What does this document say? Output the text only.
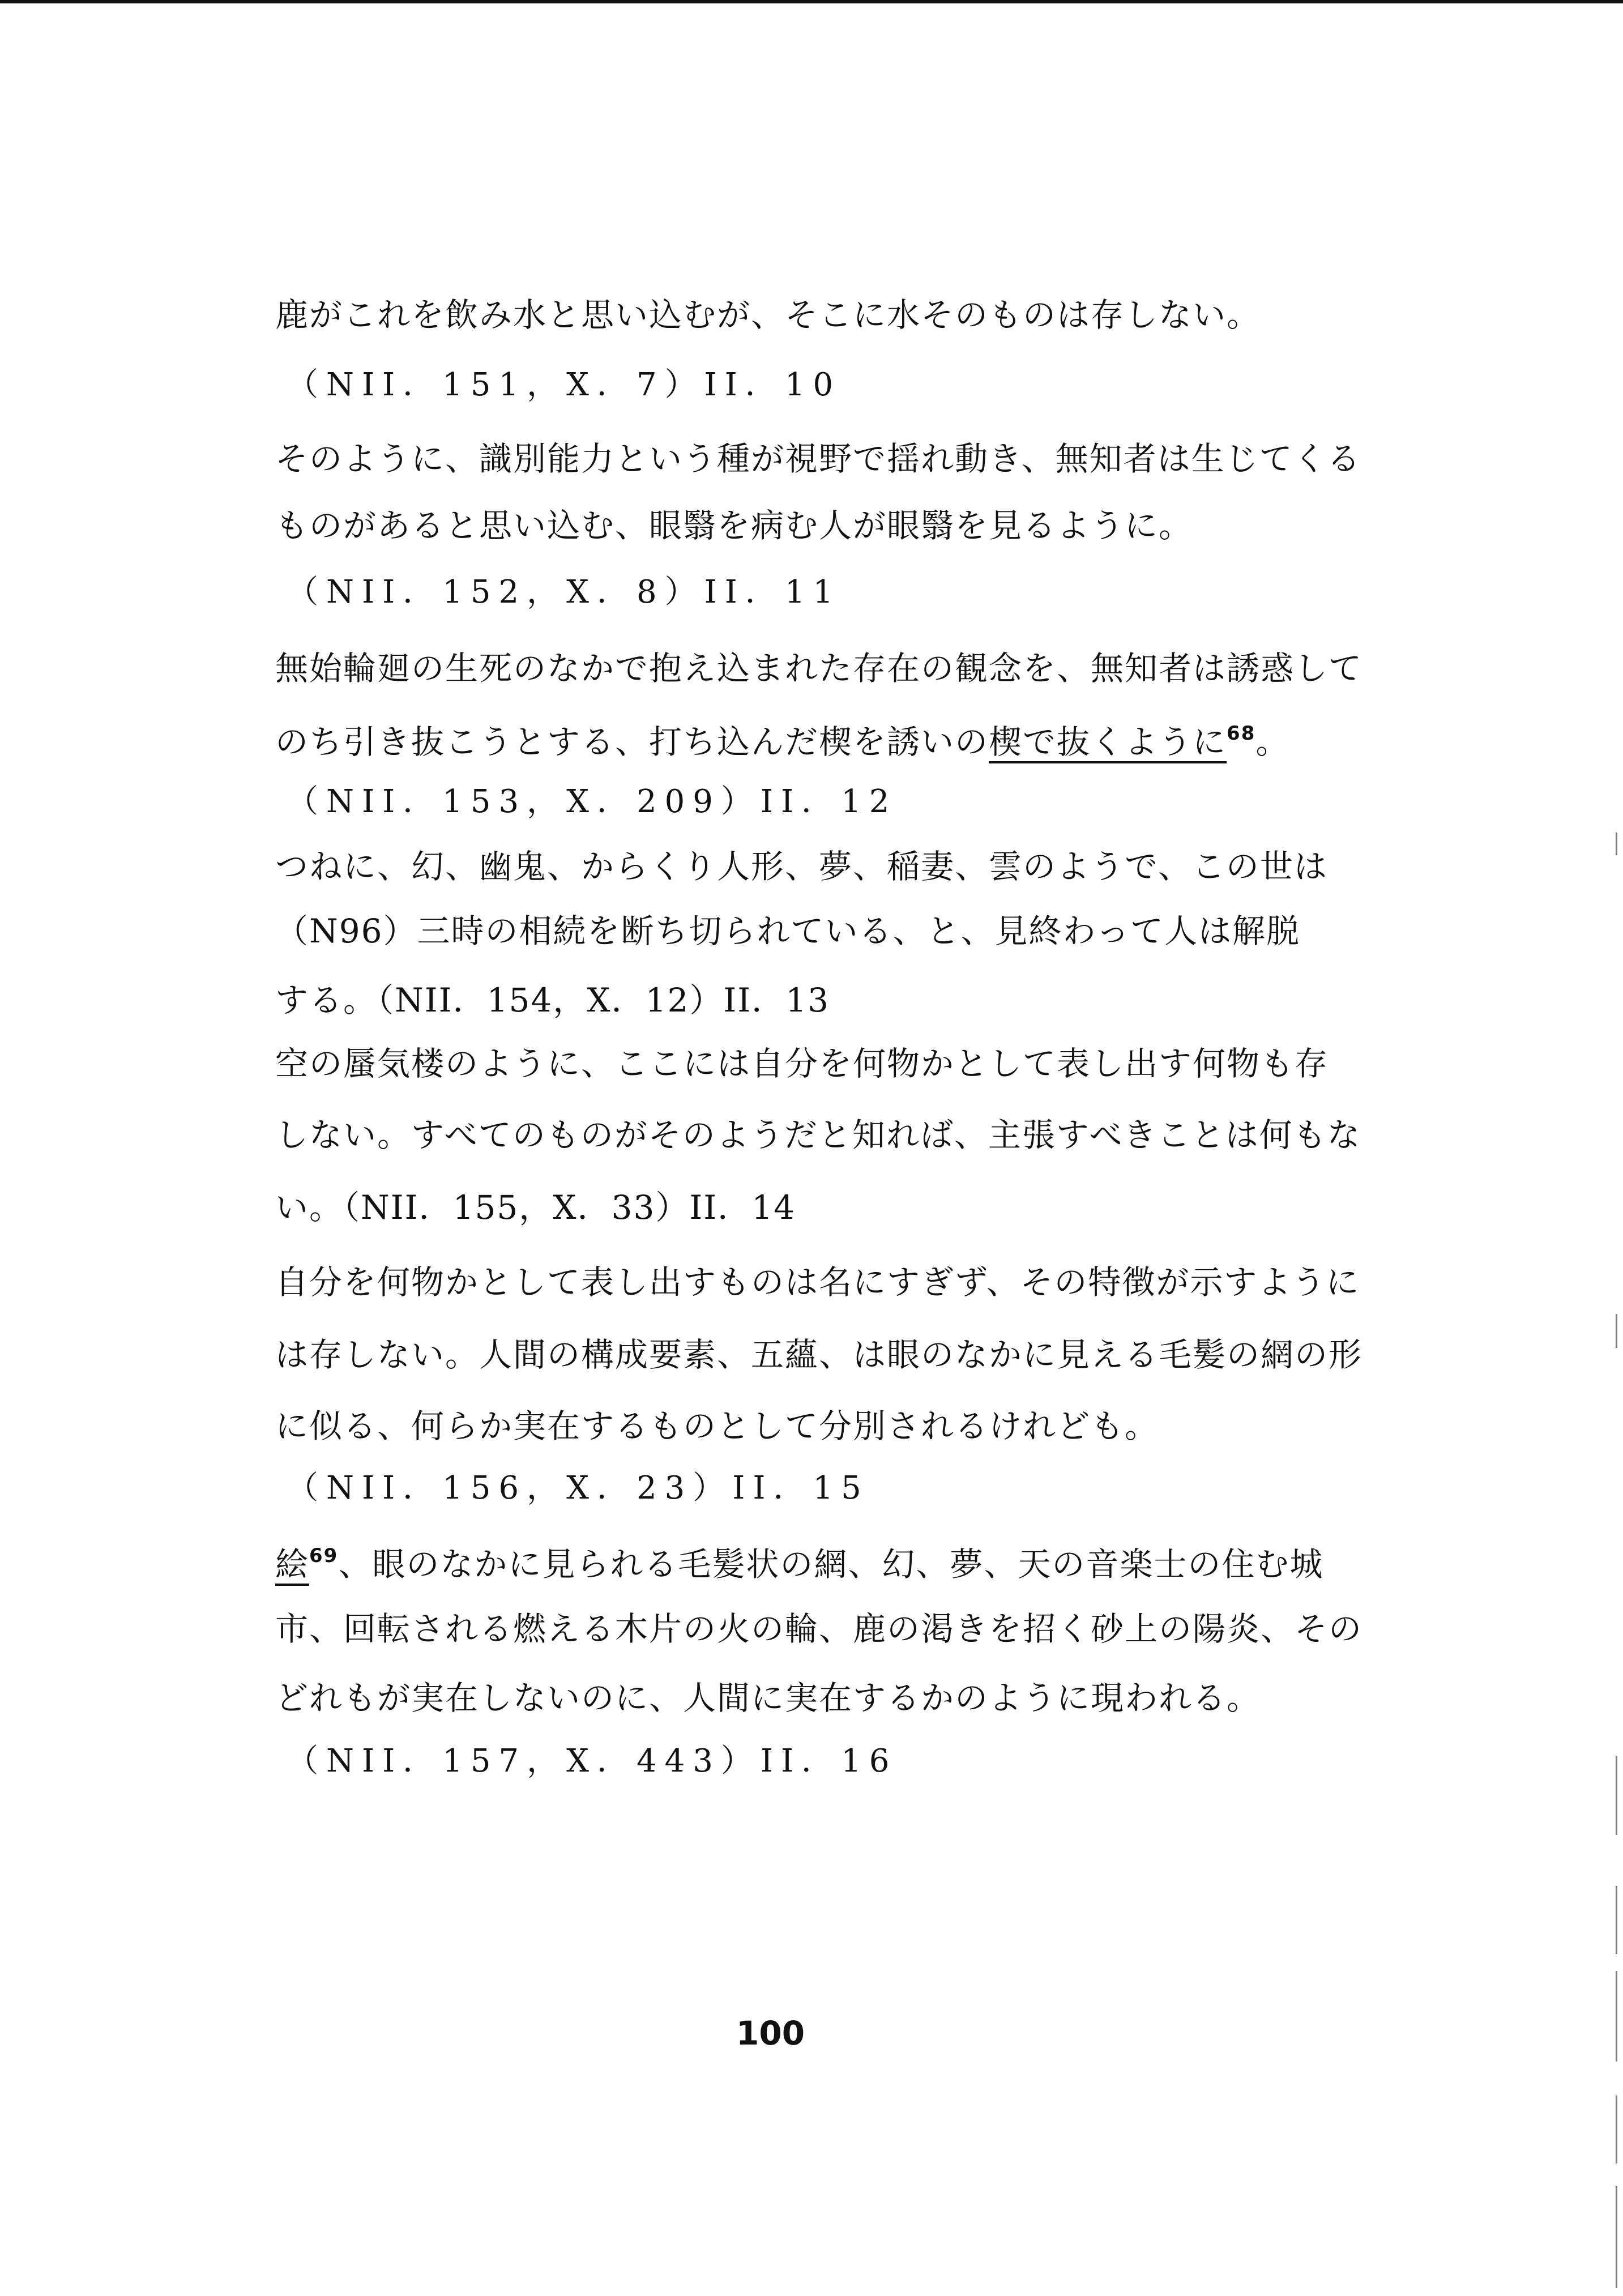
鹿がこれを飲み水と思い込むが、そこに水そのものは存しない。
（NII．151，X．7）II．10
そのように、識別能力という種が視野で揺れ動き、無知者は生じてくる
ものがあると思い込む、眼翳を病む人が眼翳を見るように。
（NII．152，X．8）II．11
無始輪廻の生死のなかで抱え込まれた存在の観念を、無知者は誘惑して
のち引き抜こうとする、打ち込んだ楔を誘いの楔で抜くように$^{68}$。
（NII．153，X．209）II．12
つねに、幻、幽鬼、からくり人形、夢、稲妻、雲のようで、この世は
（N96）三時の相続を断ち切られている、と、見終わって人は解脱
する。（NII．154，X．12）II．13
空の蜃気楼のように、ここには自分を何物かとして表し出す何物も存
しない。すべてのものがそのようだと知れば、主張すべきことは何もな
い。（NII．155，X．33）II．14
自分を何物かとして表し出すものは名にすぎず、その特徴が示すように
は存しない。人間の構成要素、五蘊、は眼のなかに見える毛髪の網の形
に似る、何らか実在するものとして分別されるけれども。
（NII．156，X．23）II．15
絵$^{69}$、眼のなかに見られる毛髪状の網、幻、夢、天の音楽士の住む城
市、回転される燃える木片の火の輪、鹿の渇きを招く砂上の陽炎、その
どれもが実在しないのに、人間に実在するかのように現われる。
（NII．157，X．443）II．16
100
